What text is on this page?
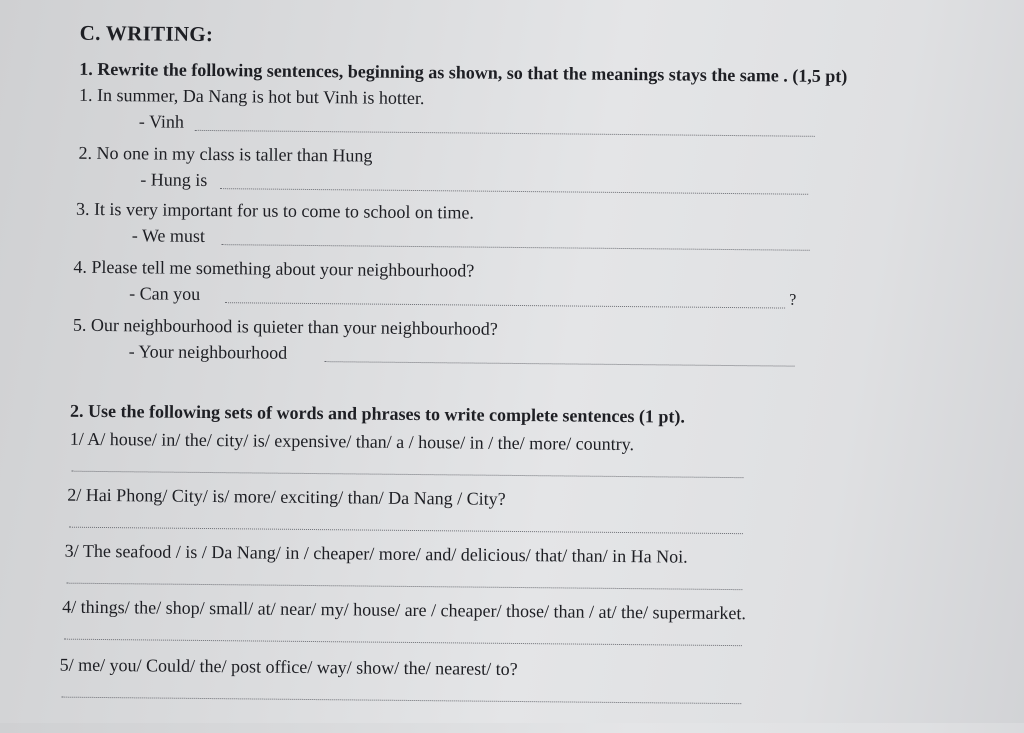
C. WRITING:
1. Rewrite the following sentences, beginning as shown, so that the meanings stays the same . (1,5 pt)
1. In summer, Da Nang is hot but Vinh is hotter.
- Vinh
2. No one in my class is taller than Hung
- Hung is
3. It is very important for us to come to school on time.
- We must
4. Please tell me something about your neighbourhood?
- Can you	?
5. Our neighbourhood is quieter than your neighbourhood?
- Your neighbourhood
2. Use the following sets of words and phrases to write complete sentences (1 pt).
1/ A/ house/ in/ the/ city/ is/ expensive/ than/ a / house/ in / the/ more/ country.
2/ Hai Phong/ City/ is/ more/ exciting/ than/ Da Nang / City?
3/ The seafood / is / Da Nang/ in / cheaper/ more/ and/ delicious/ that/ than/ in Ha Noi.
4/ things/ the/ shop/ small/ at/ near/ my/ house/ are / cheaper/ those/ than / at/ the/ supermarket.
5/ me/ you/ Could/ the/ post office/ way/ show/ the/ nearest/ to?
